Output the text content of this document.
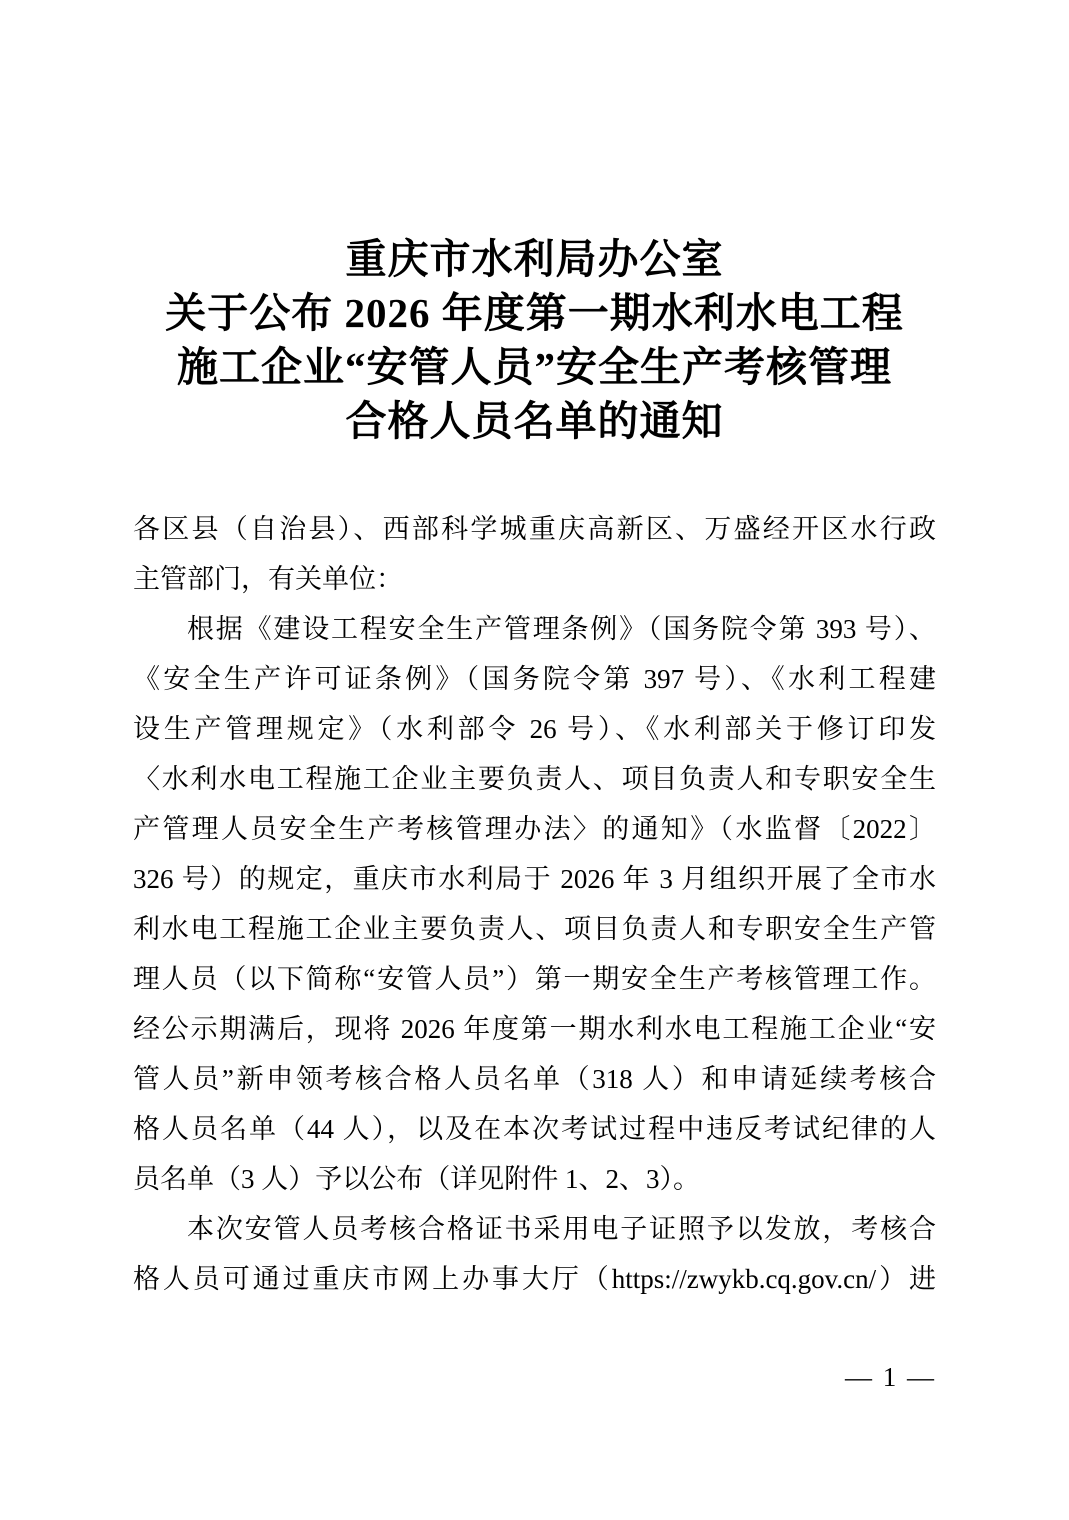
重庆市水利局办公室
关于公布 2026 年度第一期水利水电工程
施工企业“安管人员”安全生产考核管理
合格人员名单的通知
各区县（自治县）、西部科学城重庆高新区、万盛经开区水行政
主管部门，有关单位：
根据《建设工程安全生产管理条例》（国务院令第 393 号）、
《安全生产许可证条例》（国务院令第 397 号）、《水利工程建
设生产管理规定》（水利部令 26 号）、《水利部关于修订印发
〈水利水电工程施工企业主要负责人、项目负责人和专职安全生
产管理人员安全生产考核管理办法〉的通知》（水监督〔2022〕
326 号）的规定，重庆市水利局于 2026 年 3 月组织开展了全市水
利水电工程施工企业主要负责人、项目负责人和专职安全生产管
理人员（以下简称“安管人员”）第一期安全生产考核管理工作。
经公示期满后，现将 2026 年度第一期水利水电工程施工企业“安
管人员”新申领考核合格人员名单（318 人）和申请延续考核合
格人员名单（44 人），以及在本次考试过程中违反考试纪律的人
员名单（3 人）予以公布（详见附件 1、2、3）。
本次安管人员考核合格证书采用电子证照予以发放，考核合
格人员可通过重庆市网上办事大厅（https://zwykb.cq.gov.cn/）进
— 1 —
